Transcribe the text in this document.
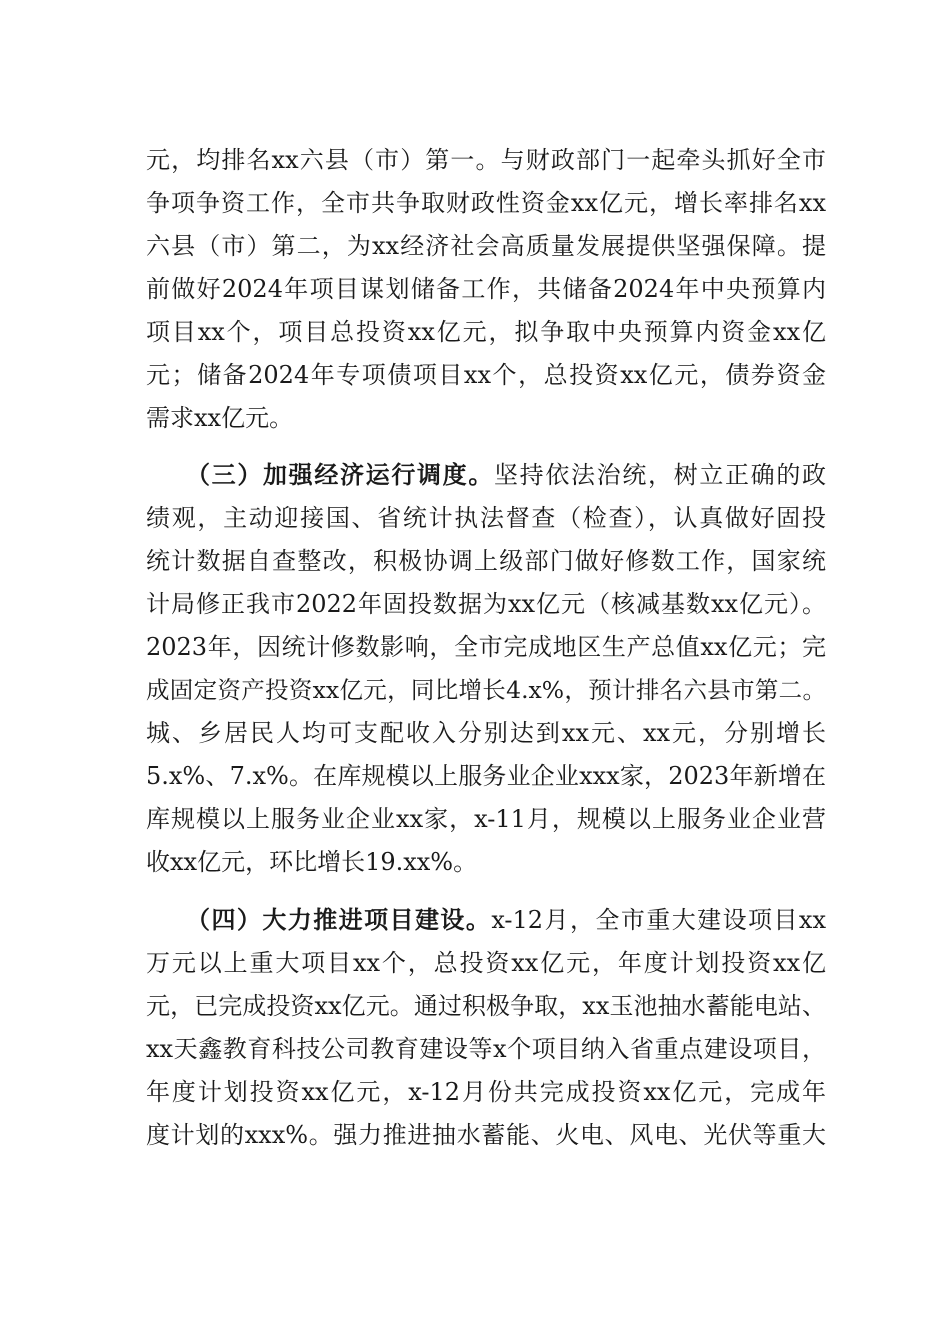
元，均排名xx六县（市）第一。与财政部门一起牵头抓好全市
争项争资工作，全市共争取财政性资金xx亿元，增长率排名xx
六县（市）第二，为xx经济社会高质量发展提供坚强保障。提
前做好2024年项目谋划储备工作，共储备2024年中央预算内
项目xx个，项目总投资xx亿元，拟争取中央预算内资金xx亿
元；储备2024年专项债项目xx个，总投资xx亿元，债券资金
需求xx亿元。
（三）加强经济运行调度。坚持依法治统，树立正确的政
绩观，主动迎接国、省统计执法督查（检查），认真做好固投
统计数据自查整改，积极协调上级部门做好修数工作，国家统
计局修正我市2022年固投数据为xx亿元（核减基数xx亿元）。
2023年，因统计修数影响，全市完成地区生产总值xx亿元；完
成固定资产投资xx亿元，同比增长4.x%，预计排名六县市第二。
城、乡居民人均可支配收入分别达到xx元、xx元，分别增长
5.x%、7.x%。在库规模以上服务业企业xxx家，2023年新增在
库规模以上服务业企业xx家，x-11月，规模以上服务业企业营
收xx亿元，环比增长19.xx%。
（四）大力推进项目建设。x-12月，全市重大建设项目xx
万元以上重大项目xx个，总投资xx亿元，年度计划投资xx亿
元，已完成投资xx亿元。通过积极争取，xx玉池抽水蓄能电站、
xx天鑫教育科技公司教育建设等x个项目纳入省重点建设项目，
年度计划投资xx亿元，x-12月份共完成投资xx亿元，完成年
度计划的xxx%。强力推进抽水蓄能、火电、风电、光伏等重大
